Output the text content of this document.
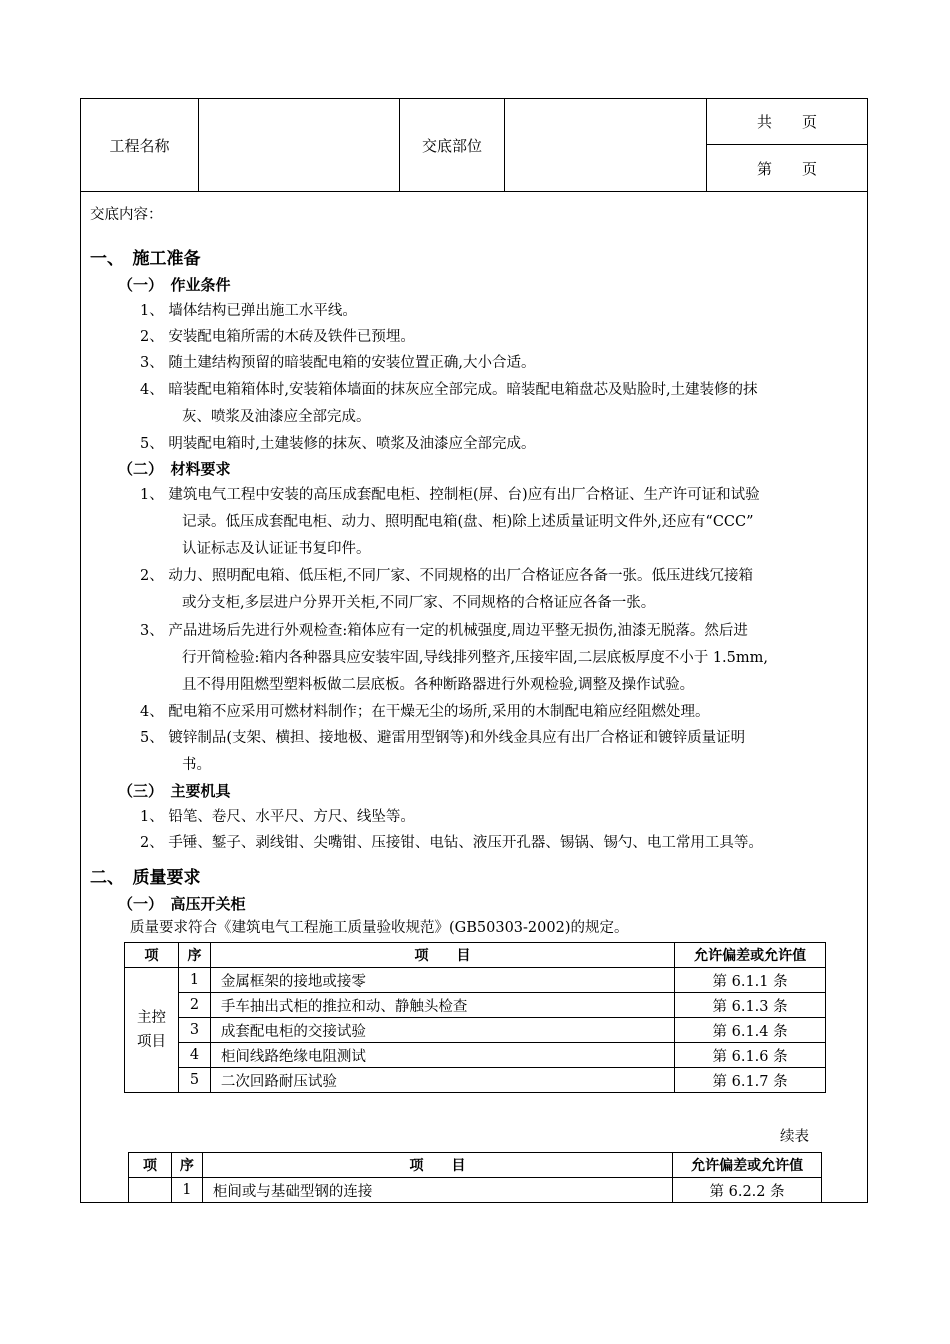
工程名称	交底部位
共　　页
第　　页
交底内容：
一、　施工准备
（一）　作业条件
1、 墙体结构已弹出施工水平线。
2、 安装配电箱所需的木砖及铁件已预埋。
3、 随土建结构预留的暗装配电箱的安装位置正确,大小合适。
4、 暗装配电箱箱体时,安装箱体墙面的抹灰应全部完成。暗装配电箱盘芯及贴脸时,土建装修的抹
灰、喷浆及油漆应全部完成。
5、 明装配电箱时,土建装修的抹灰、喷浆及油漆应全部完成。
（二）　材料要求
1、 建筑电气工程中安装的高压成套配电柜、控制柜(屏、台)应有出厂合格证、生产许可证和试验
记录。低压成套配电柜、动力、照明配电箱(盘、柜)除上述质量证明文件外,还应有“CCC”
认证标志及认证证书复印件。
2、 动力、照明配电箱、低压柜,不同厂家、不同规格的出厂合格证应各备一张。低压进线冗接箱
或分支柜,多层进户分界开关柜,不同厂家、不同规格的合格证应各备一张。
3、 产品进场后先进行外观检查:箱体应有一定的机械强度,周边平整无损伤,油漆无脱落。然后进
行开简检验:箱内各种器具应安装牢固,导线排列整齐,压接牢固,二层底板厚度不小于 1.5mm,
且不得用阻燃型塑料板做二层底板。各种断路器进行外观检验,调整及操作试验。
4、 配电箱不应采用可燃材料制作；在干燥无尘的场所,采用的木制配电箱应经阻燃处理。
5、 镀锌制品(支架、横担、接地极、避雷用型钢等)和外线金具应有出厂合格证和镀锌质量证明
书。
（三）　主要机具
1、 铅笔、卷尺、水平尺、方尺、线坠等。
2、 手锤、錾子、剥线钳、尖嘴钳、压接钳、电钻、液压开孔器、锡锅、锡勺、电工常用工具等。
二、　质量要求
（一）　高压开关柜
质量要求符合《建筑电气工程施工质量验收规范》(GB50303-2002)的规定。
项	序	项　　目	允许偏差或允许值
主控项目	1	金属框架的接地或接零	第 6.1.1 条
	2	手车抽出式柜的推拉和动、静触头检查	第 6.1.3 条
	3	成套配电柜的交接试验	第 6.1.4 条
	4	柜间线路绝缘电阻测试	第 6.1.6 条
	5	二次回路耐压试验	第 6.1.7 条
续表
项	序	项　　目	允许偏差或允许值
	1	柜间或与基础型钢的连接	第 6.2.2 条
